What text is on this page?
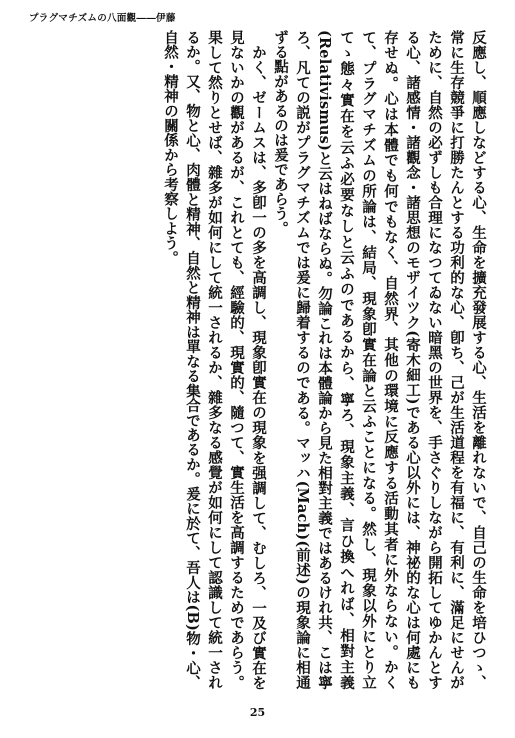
プラグマチズムの八面觀――伊藤

反應し、順應しなどする心、生命を擴充發展する心、生活を離れないで、自己の生命を培ひつゝ、常に生存競爭に打勝たんとする功利的な心、卽ち、己が生活道程を有福に、有利に、滿足にせんがために、自然の必ずしも合理になつてゐない暗黑の世界を、手さぐりしながら開拓してゆかんとする心、諸感情・諸觀念・諸思想のモザイツク(寄木細工)である心以外には、神祕的な心は何處にも存せぬ。心は本體でも何でもなく、自然界、其他の環境に反應する活動其者に外ならない。かくて、プラグマチズムの所論は、結局、現象卽實在論と云ふことになる。然し、現象以外にとり立てゝ態々實在を云ふ必要なしと云ふのであるから、寧ろ、現象主義、言ひ換へれば、相對主義(Relativismus)と云はねばならぬ。勿論これは本體論から見た相對主義ではあるけれ共、こは寧ろ、凡ての説がプラグマチズムでは爰に歸着するのである。マッハ(Mach)(前述)の現象論に相通ずる點があるのは爰であらう。

かく、ゼームスは、多卽一の多を高調し、現象卽實在の現象を强調して、むしろ、一及び實在を見ないかの觀があるが、これとても、經驗的、現實的、隨つて、實生活を高調するためであらう。果して然りとせば、雜多が如何にして統一されるか、雜多なる感覺が如何にして認識して統一されるか。又、物と心、肉體と精神、自然と精神は單なる集合であるか。爰に於て、吾人は(B)物・心、自然・精神の關係から考察しよう。

25
